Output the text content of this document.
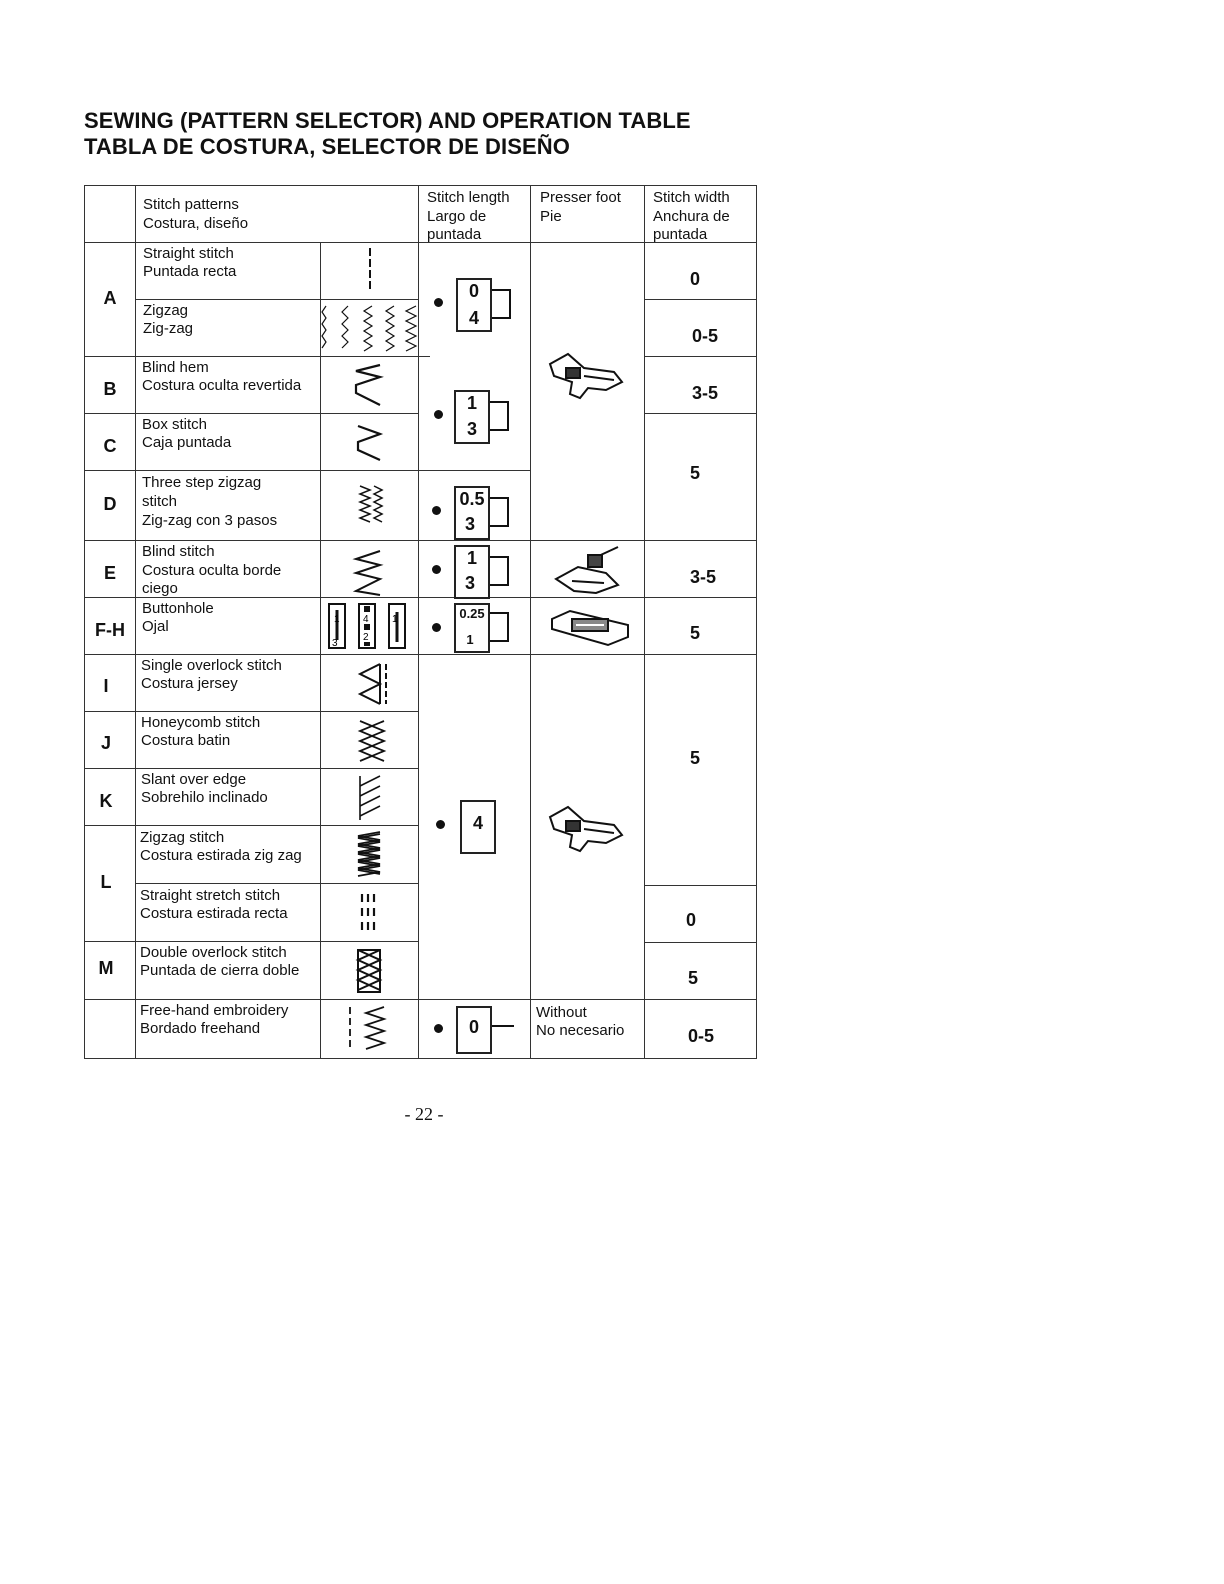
SEWING (PATTERN SELECTOR) AND OPERATION TABLE
TABLA DE COSTURA, SELECTOR DE DISEÑO
Stitch patterns
Costura, diseño
Stitch length
Largo de
puntada
Presser foot
Pie
Stitch width
Anchura de
puntada
A
B
C
D
E
F-H
I
J
K
L
M
Straight stitch
Puntada recta
Zigzag
Zig-zag
Blind hem
Costura oculta revertida
Box stitch
Caja puntada
Three step zigzag
stitch
Zig-zag con 3 pasos
Blind stitch
Costura oculta borde
ciego
Buttonhole
Ojal
Single overlock stitch
Costura jersey
Honeycomb stitch
Costura batin
Slant over edge
Sobrehilo inclinado
Zigzag stitch
Costura estirada zig zag
Straight stretch stitch
Costura estirada recta
Double overlock stitch
Puntada de cierra doble
Free-hand embroidery
Bordado freehand
1 4 1
3
2
0
4
1
3
0.5
3
1
3
0.25
1
4
0
Without
No necesario
0
0-5
3-5
5
3-5
5
5
0
5
0-5
- 22 -
